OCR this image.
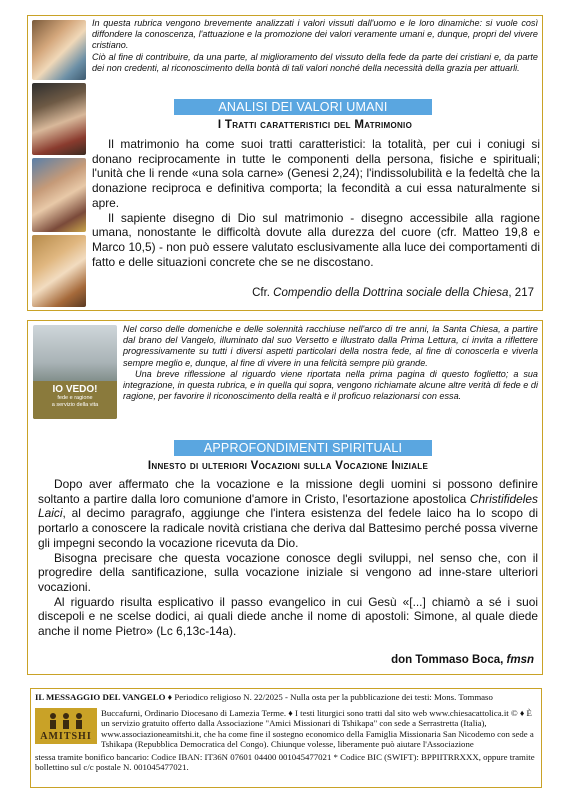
In questa rubrica vengono brevemente analizzati i valori vissuti dall'uomo e le loro dinamiche: si vuole così diffondere la conoscenza, l'attuazione e la promozione dei valori veramente umani e, dunque, propri del vivere cristiano.

Ciò al fine di contribuire, da una parte, al miglioramento del vissuto della fede da parte dei cristiani e, da parte dei non credenti, al riconoscimento della bontà di tali valori nonché della necessità della grazia per attuarli.

ANALISI DEI VALORI UMANI
I Tratti caratteristici del Matrimonio

Il matrimonio ha come suoi tratti caratteristici: la totalità, per cui i coniugi si donano reciprocamente in tutte le componenti della persona, fisiche e spirituali; l'unità che li rende «una sola carne» (Genesi 2,24); l'indissolubilità e la fedeltà che la donazione reciproca e definitiva comporta; la fecondità a cui essa naturalmente si apre.

Il sapiente disegno di Dio sul matrimonio - disegno accessibile alla ragione umana, nonostante le difficoltà dovute alla durezza del cuore (cfr. Matteo 19,8 e Marco 10,5) - non può essere valutato esclusivamente alla luce dei comportamenti di fatto e delle situazioni concrete che se ne discostano.

Cfr. Compendio della Dottrina sociale della Chiesa, 217
IO VEDO!
fede e ragione
a servizio della vita

Nel corso delle domeniche e delle solennità racchiuse nell'arco di tre anni, la Santa Chiesa, a partire dal brano del Vangelo, illuminato dal suo Versetto e illustrato dalla Prima Lettura, ci invita a riflettere progressivamente su tutti i diversi aspetti particolari della nostra fede, al fine di conoscerla e viverla sempre meglio e, dunque, al fine di vivere in una felicità sempre più grande.

Una breve riflessione al riguardo viene riportata nella prima pagina di questo foglietto; a sua integrazione, in questa rubrica, e in quella qui sopra, vengono richiamate alcune altre verità di fede e di ragione, per favorire il riconoscimento della realtà e il proficuo relazionarsi con essa.

APPROFONDIMENTI SPIRITUALI
Innesto di ulteriori Vocazioni sulla Vocazione Iniziale

Dopo aver affermato che la vocazione e la missione degli uomini si possono definire soltanto a partire dalla loro comunione d'amore in Cristo, l'esortazione apostolica Christifideles Laici, al decimo paragrafo, aggiunge che l'intera esistenza del fedele laico ha lo scopo di portarlo a conoscere la radicale novità cristiana che deriva dal Battesimo perché possa viverne gli impegni secondo la vocazione ricevuta da Dio.

Bisogna precisare che questa vocazione conosce degli sviluppi, nel senso che, con il progredire della santificazione, sulla vocazione iniziale si vengono ad inne-stare ulteriori vocazioni.

Al riguardo risulta esplicativo il passo evangelico in cui Gesù «[...] chiamò a sé i suoi discepoli e ne scelse dodici, ai quali diede anche il nome di apostoli: Simone, al quale diede anche il nome Pietro» (Lc 6,13c-14a).

don Tommaso Boca, fmsn
IL MESSAGGIO DEL VANGELO ♦ Periodico religioso N. 22/2025 - Nulla osta per la pubblicazione dei testi: Mons. Tommaso
AMITSHI
Buccafurni, Ordinario Diocesano di Lamezia Terme. ♦ I testi liturgici sono tratti dal sito web www.chiesacattolica.it © ♦ È un servizio gratuito offerto dalla Associazione "Amici Missionari di Tshikapa" con sede a Serrastretta (Italia), www.associazioneamitshi.it, che ha come fine il sostegno economico della Famiglia Missionaria San Nicodemo con sede a Tshikapa (Repubblica Democratica del Congo). Chiunque volesse, liberamente può aiutare l'Associazione
stessa tramite bonifico bancario: Codice IBAN: IT36N 07601 04400 001045477021 * Codice BIC (SWIFT): BPPIITRRXXX, oppure tramite bollettino sul c/c postale N. 001045477021.
